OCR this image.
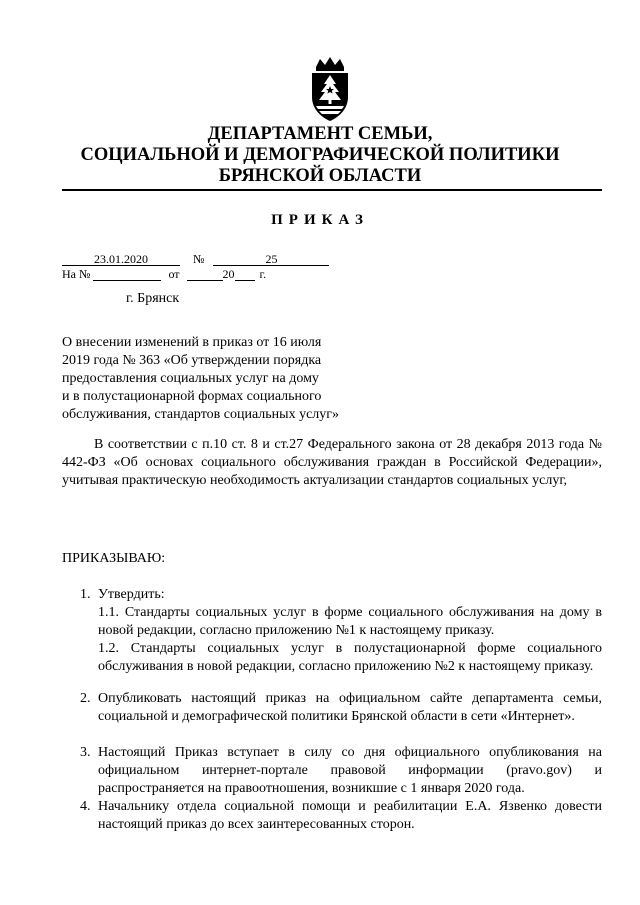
ДЕПАРТАМЕНТ СЕМЬИ,
СОЦИАЛЬНОЙ И ДЕМОГРАФИЧЕСКОЙ ПОЛИТИКИ
БРЯНСКОЙ ОБЛАСТИ
ПРИКАЗ
23.01.2020	№	25
На №	от	20 г.
г. Брянск
О внесении изменений в приказ от 16 июля
2019 года № 363 «Об утверждении порядка
предоставления социальных услуг на дому
и в полустационарной формах социального
обслуживания, стандартов социальных услуг»
В соответствии с п.10 ст. 8 и ст.27 Федерального закона от 28 декабря 2013 года № 442-ФЗ «Об основах социального обслуживания граждан в Российской Федерации», учитывая практическую необходимость актуализации стандартов социальных услуг,
ПРИКАЗЫВАЮ:
1. Утвердить:
1.1. Стандарты социальных услуг в форме социального обслуживания на дому в новой редакции, согласно приложению №1 к настоящему приказу.
1.2. Стандарты социальных услуг в полустационарной форме социального обслуживания в новой редакции, согласно приложению №2 к настоящему приказу.
2. Опубликовать настоящий приказ на официальном сайте департамента семьи, социальной и демографической политики Брянской области в сети «Интернет».
3. Настоящий Приказ вступает в силу со дня официального опубликования на официальном интернет-портале правовой информации (pravo.gov) и распространяется на правоотношения, возникшие с 1 января 2020 года.
4. Начальнику отдела социальной помощи и реабилитации Е.А. Язвенко довести настоящий приказ до всех заинтересованных сторон.
